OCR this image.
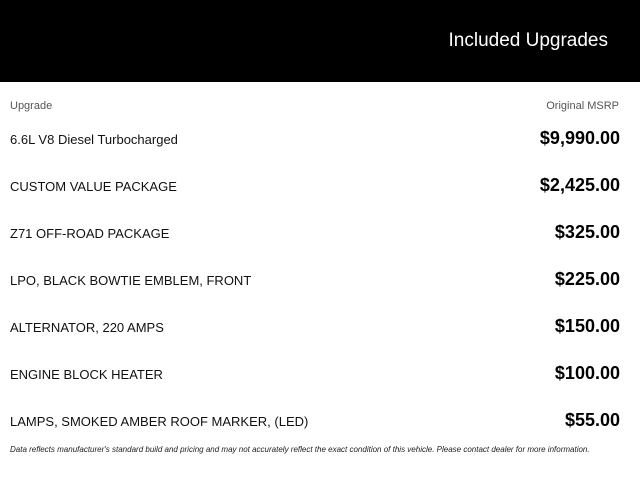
Included Upgrades
Upgrade	Original MSRP
6.6L V8 Diesel Turbocharged	$9,990.00
CUSTOM VALUE PACKAGE	$2,425.00
Z71 OFF-ROAD PACKAGE	$325.00
LPO, BLACK BOWTIE EMBLEM, FRONT	$225.00
ALTERNATOR, 220 AMPS	$150.00
ENGINE BLOCK HEATER	$100.00
LAMPS, SMOKED AMBER ROOF MARKER, (LED)	$55.00
Data reflects manufacturer's standard build and pricing and may not accurately reflect the exact condition of this vehicle. Please contact dealer for more information.
